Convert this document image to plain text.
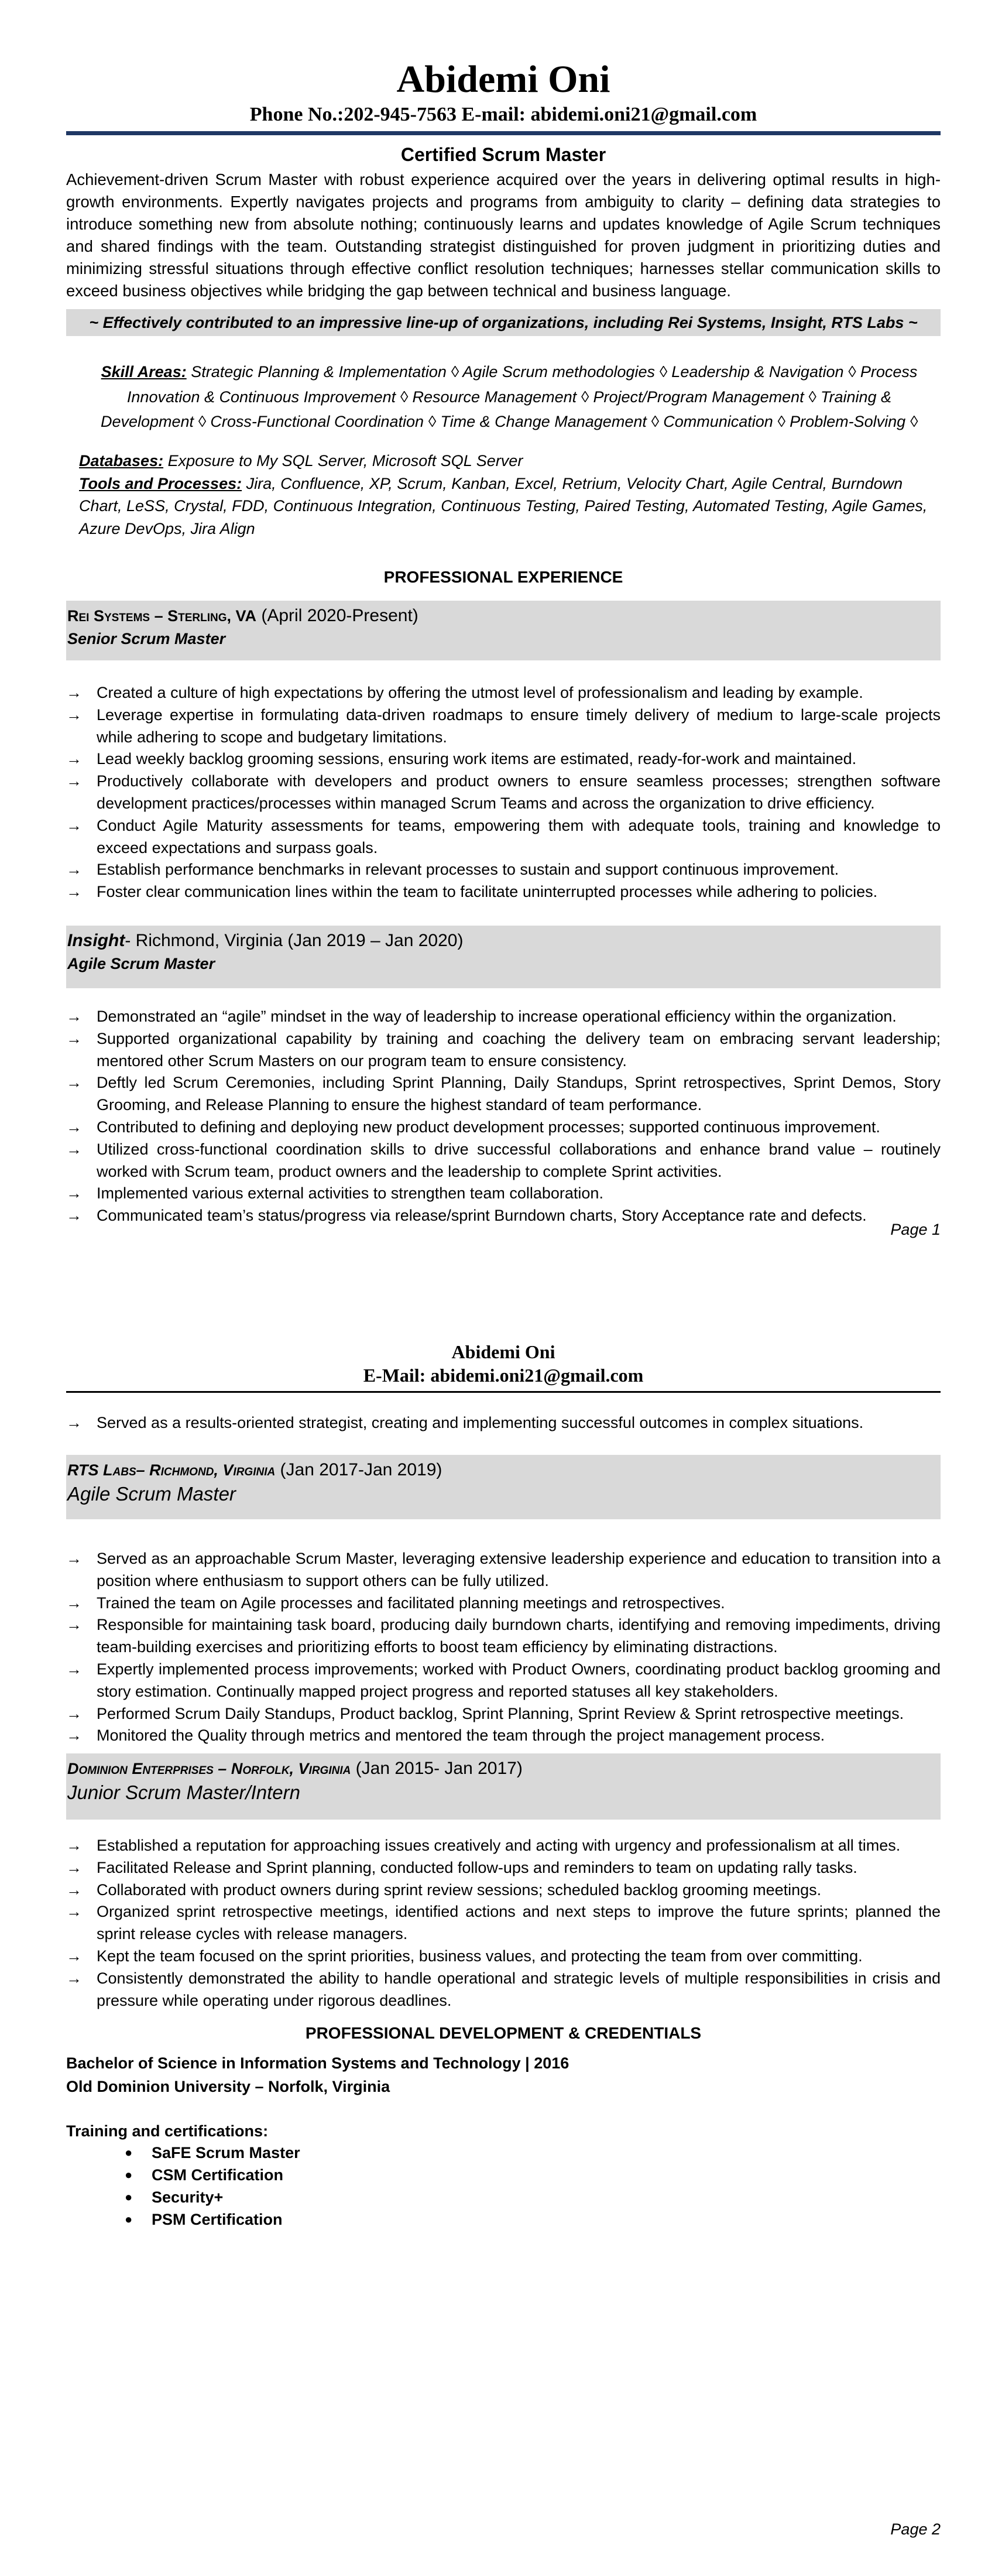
Abidemi Oni
Phone No.:202-945-7563 E-mail: abidemi.oni21@gmail.com
Certified Scrum Master
Achievement-driven Scrum Master with robust experience acquired over the years in delivering optimal results in high-growth environments. Expertly navigates projects and programs from ambiguity to clarity – defining data strategies to introduce something new from absolute nothing; continuously learns and updates knowledge of Agile Scrum techniques and shared findings with the team. Outstanding strategist distinguished for proven judgment in prioritizing duties and minimizing stressful situations through effective conflict resolution techniques; harnesses stellar communication skills to exceed business objectives while bridging the gap between technical and business language.
~ Effectively contributed to an impressive line-up of organizations, including Rei Systems, Insight, RTS Labs ~
Skill Areas: Strategic Planning & Implementation ◊ Agile Scrum methodologies ◊ Leadership & Navigation ◊ Process Innovation & Continuous Improvement ◊ Resource Management ◊ Project/Program Management ◊ Training & Development ◊ Cross-Functional Coordination ◊ Time & Change Management ◊ Communication ◊ Problem-Solving ◊
Databases: Exposure to My SQL Server, Microsoft SQL Server
Tools and Processes: Jira, Confluence, XP, Scrum, Kanban, Excel, Retrium, Velocity Chart, Agile Central, Burndown Chart, LeSS, Crystal, FDD, Continuous Integration, Continuous Testing, Paired Testing, Automated Testing, Agile Games, Azure DevOps, Jira Align
PROFESSIONAL EXPERIENCE
Rei Systems – Sterling, VA (April 2020-Present)
Senior Scrum Master
→ Created a culture of high expectations by offering the utmost level of professionalism and leading by example.
→ Leverage expertise in formulating data-driven roadmaps to ensure timely delivery of medium to large-scale projects while adhering to scope and budgetary limitations.
→ Lead weekly backlog grooming sessions, ensuring work items are estimated, ready-for-work and maintained.
→ Productively collaborate with developers and product owners to ensure seamless processes; strengthen software development practices/processes within managed Scrum Teams and across the organization to drive efficiency.
→ Conduct Agile Maturity assessments for teams, empowering them with adequate tools, training and knowledge to exceed expectations and surpass goals.
→ Establish performance benchmarks in relevant processes to sustain and support continuous improvement.
→ Foster clear communication lines within the team to facilitate uninterrupted processes while adhering to policies.
Insight- Richmond, Virginia (Jan 2019 – Jan 2020)
Agile Scrum Master
→ Demonstrated an “agile” mindset in the way of leadership to increase operational efficiency within the organization.
→ Supported organizational capability by training and coaching the delivery team on embracing servant leadership; mentored other Scrum Masters on our program team to ensure consistency.
→ Deftly led Scrum Ceremonies, including Sprint Planning, Daily Standups, Sprint retrospectives, Sprint Demos, Story Grooming, and Release Planning to ensure the highest standard of team performance.
→ Contributed to defining and deploying new product development processes; supported continuous improvement.
→ Utilized cross-functional coordination skills to drive successful collaborations and enhance brand value – routinely worked with Scrum team, product owners and the leadership to complete Sprint activities.
→ Implemented various external activities to strengthen team collaboration.
→ Communicated team’s status/progress via release/sprint Burndown charts, Story Acceptance rate and defects.
Page 1
Abidemi Oni
E-Mail: abidemi.oni21@gmail.com
→ Served as a results-oriented strategist, creating and implementing successful outcomes in complex situations.
RTS Labs– Richmond, Virginia (Jan 2017-Jan 2019)
Agile Scrum Master
→ Served as an approachable Scrum Master, leveraging extensive leadership experience and education to transition into a position where enthusiasm to support others can be fully utilized.
→ Trained the team on Agile processes and facilitated planning meetings and retrospectives.
→ Responsible for maintaining task board, producing daily burndown charts, identifying and removing impediments, driving team-building exercises and prioritizing efforts to boost team efficiency by eliminating distractions.
→ Expertly implemented process improvements; worked with Product Owners, coordinating product backlog grooming and story estimation. Continually mapped project progress and reported statuses all key stakeholders.
→ Performed Scrum Daily Standups, Product backlog, Sprint Planning, Sprint Review & Sprint retrospective meetings.
→ Monitored the Quality through metrics and mentored the team through the project management process.
Dominion Enterprises – Norfolk, Virginia (Jan 2015- Jan 2017)
Junior Scrum Master/Intern
→ Established a reputation for approaching issues creatively and acting with urgency and professionalism at all times.
→ Facilitated Release and Sprint planning, conducted follow-ups and reminders to team on updating rally tasks.
→ Collaborated with product owners during sprint review sessions; scheduled backlog grooming meetings.
→ Organized sprint retrospective meetings, identified actions and next steps to improve the future sprints; planned the sprint release cycles with release managers.
→ Kept the team focused on the sprint priorities, business values, and protecting the team from over committing.
→ Consistently demonstrated the ability to handle operational and strategic levels of multiple responsibilities in crisis and pressure while operating under rigorous deadlines.
PROFESSIONAL DEVELOPMENT & CREDENTIALS
Bachelor of Science in Information Systems and Technology | 2016
Old Dominion University – Norfolk, Virginia
Training and certifications:
● SaFE Scrum Master
● CSM Certification
● Security+
● PSM Certification
Page 2
